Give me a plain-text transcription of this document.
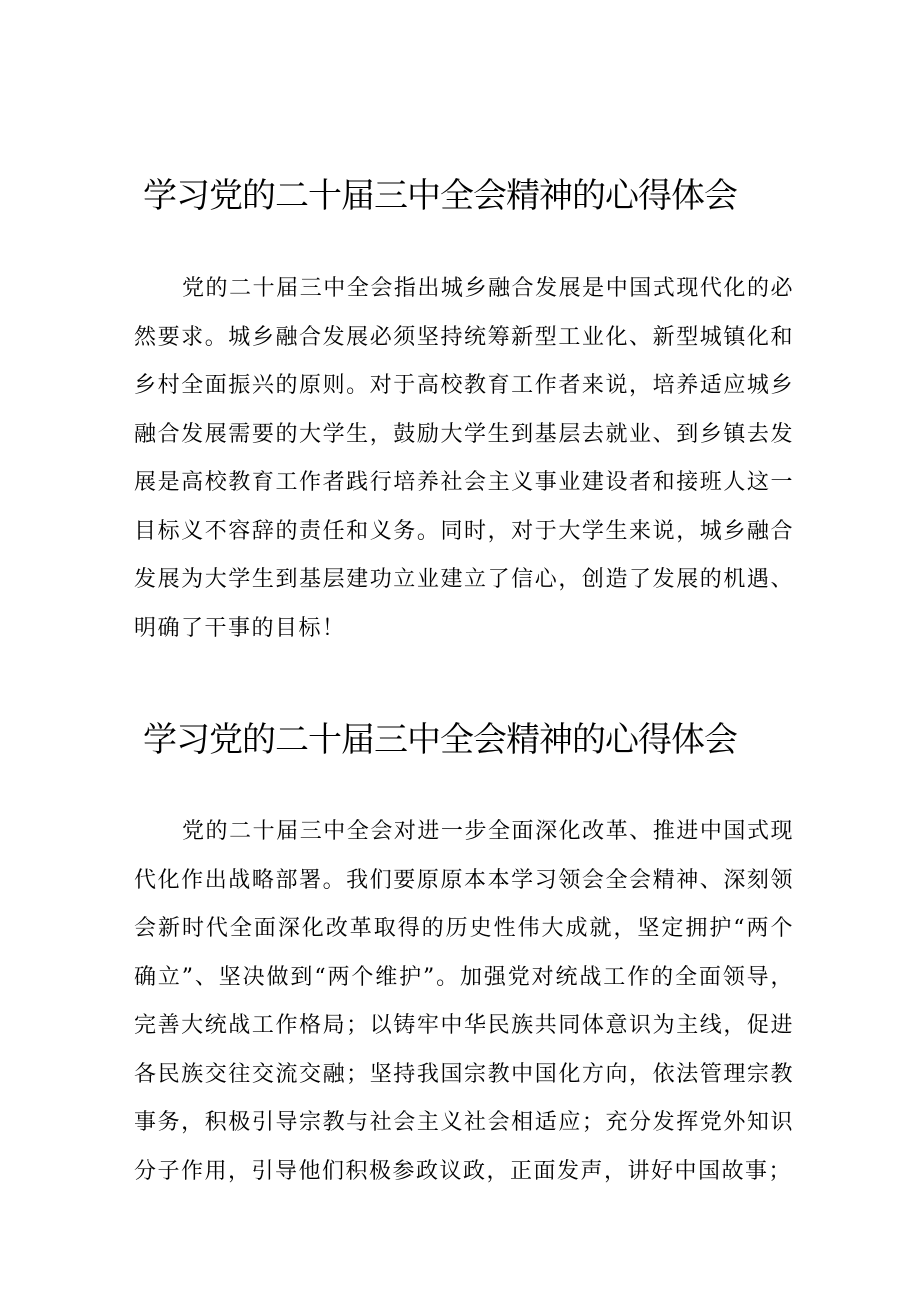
学习党的二十届三中全会精神的心得体会

党的二十届三中全会指出城乡融合发展是中国式现代化的必然要求。城乡融合发展必须坚持统筹新型工业化、新型城镇化和乡村全面振兴的原则。对于高校教育工作者来说，培养适应城乡融合发展需要的大学生，鼓励大学生到基层去就业、到乡镇去发展是高校教育工作者践行培养社会主义事业建设者和接班人这一目标义不容辞的责任和义务。同时，对于大学生来说，城乡融合发展为大学生到基层建功立业建立了信心，创造了发展的机遇、明确了干事的目标！

学习党的二十届三中全会精神的心得体会

党的二十届三中全会对进一步全面深化改革、推进中国式现代化作出战略部署。我们要原原本本学习领会全会精神、深刻领会新时代全面深化改革取得的历史性伟大成就，坚定拥护“两个确立”、坚决做到“两个维护”。加强党对统战工作的全面领导，完善大统战工作格局；以铸牢中华民族共同体意识为主线，促进各民族交往交流交融；坚持我国宗教中国化方向，依法管理宗教事务，积极引导宗教与社会主义社会相适应；充分发挥党外知识分子作用，引导他们积极参政议政，正面发声，讲好中国故事；
